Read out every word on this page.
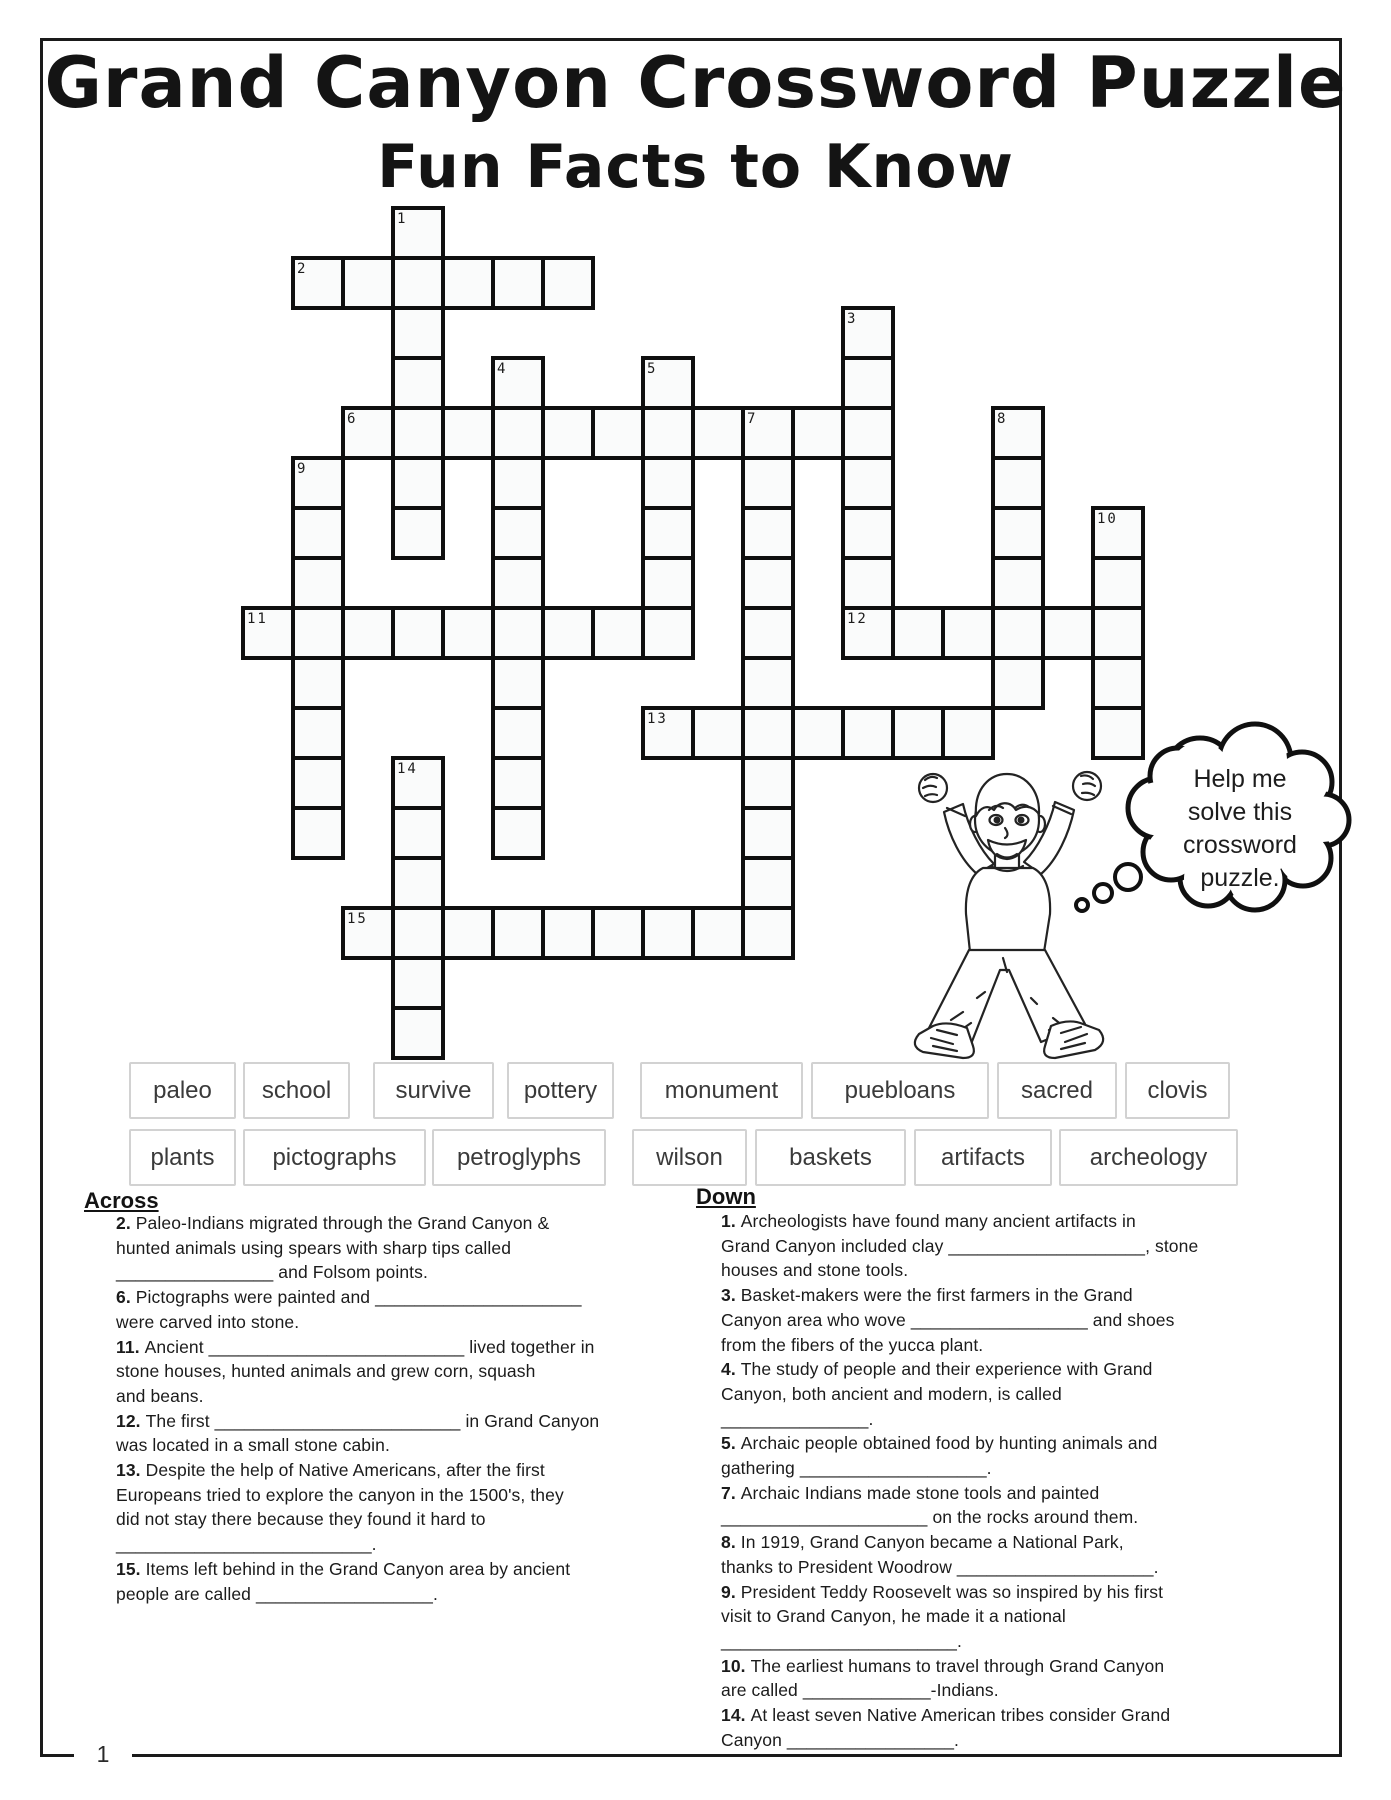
Grand Canyon Crossword Puzzle
Fun Facts to Know
1
2
3
12
4	5
6	7	8
9
10
11
13
14
15
Help me
solve this
crossword
puzzle.
paleo	school	survive	pottery	monument	puebloans	sacred	clovis
plants	pictographs	petroglyphs	wilson	baskets	artifacts	archeology
Across
2. Paleo-Indians migrated through the Grand Canyon &
hunted animals using spears with sharp tips called
________________ and Folsom points.
6. Pictographs were painted and _____________________
were carved into stone.
11. Ancient __________________________ lived together in
stone houses, hunted animals and grew corn, squash
and beans.
12. The first _________________________ in Grand Canyon
was located in a small stone cabin.
13. Despite the help of Native Americans, after the first
Europeans tried to explore the canyon in the 1500's, they
did not stay there because they found it hard to
__________________________.
15. Items left behind in the Grand Canyon area by ancient
people are called __________________.
Down
1. Archeologists have found many ancient artifacts in
Grand Canyon included clay ____________________, stone
houses and stone tools.
3. Basket-makers were the first farmers in the Grand
Canyon area who wove __________________ and shoes
from the fibers of the yucca plant.
4. The study of people and their experience with Grand
Canyon, both ancient and modern, is called
_______________.
5. Archaic people obtained food by hunting animals and
gathering ___________________.
7. Archaic Indians made stone tools and painted
_____________________ on the rocks around them.
8. In 1919, Grand Canyon became a National Park,
thanks to President Woodrow ____________________.
9. President Teddy Roosevelt was so inspired by his first
visit to Grand Canyon, he made it a national
________________________.
10. The earliest humans to travel through Grand Canyon
are called _____________-Indians.
14. At least seven Native American tribes consider Grand
Canyon _________________.
1
